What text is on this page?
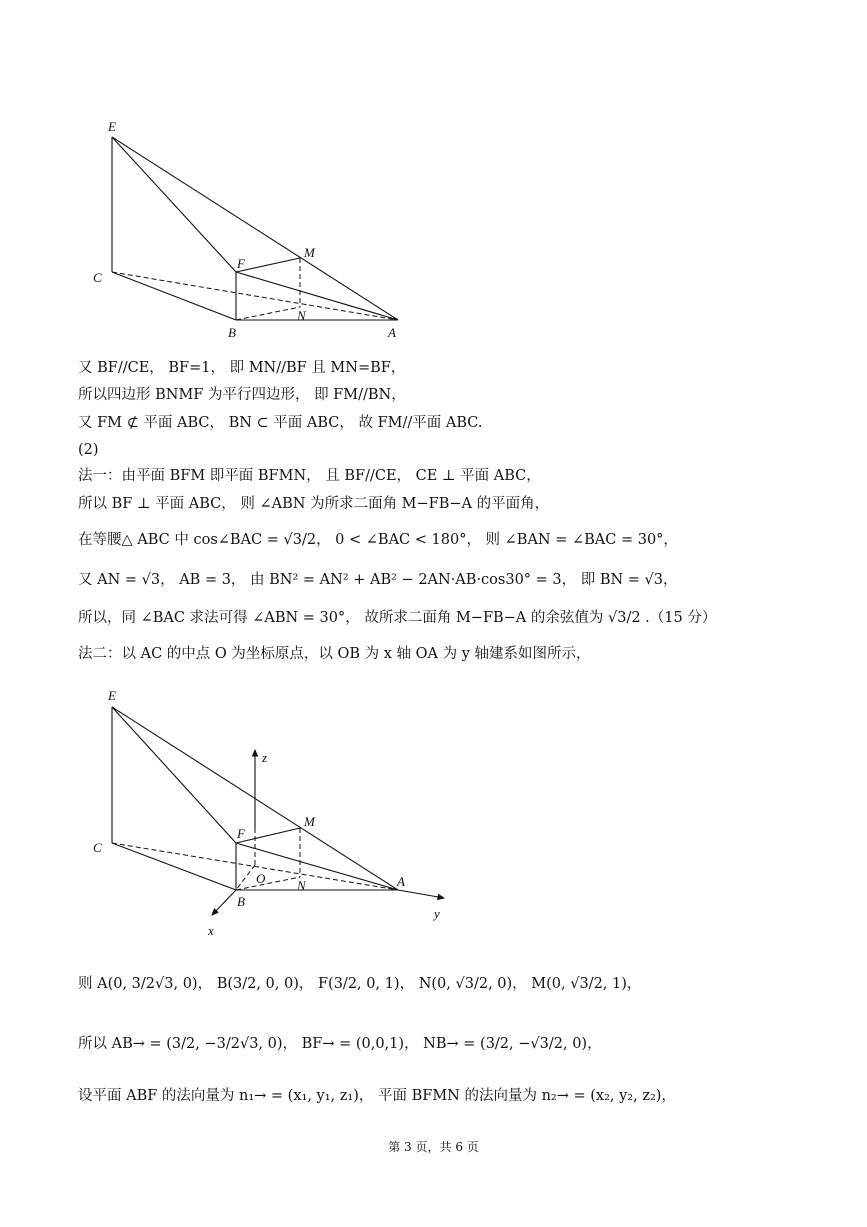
E
C
F
M
B
N
A
又 BF//CE， BF=1， 即 MN//BF 且 MN=BF，
所以四边形 BNMF 为平行四边形， 即 FM//BN，
又 FM ⊄ 平面 ABC， BN ⊂ 平面 ABC， 故 FM//平面 ABC.
(2)
法一：由平面 BFM 即平面 BFMN， 且 BF//CE， CE ⊥ 平面 ABC，
所以 BF ⊥ 平面 ABC， 则 ∠ABN 为所求二面角 M−FB−A 的平面角，
在等腰△ ABC 中 cos∠BAC = √3/2， 0 < ∠BAC < 180°， 则 ∠BAN = ∠BAC = 30°，
又 AN = √3， AB = 3， 由 BN² = AN² + AB² − 2AN·AB·cos30° = 3， 即 BN = √3，
所以，同 ∠BAC 求法可得 ∠ABN = 30°， 故所求二面角 M−FB−A 的余弦值为 √3/2 .（15 分）
法二：以 AC 的中点 O 为坐标原点，以 OB 为 x 轴 OA 为 y 轴建系如图所示，
E
C
F
M
O N	A
B
x
y
z
则 A(0, 3/2√3, 0)， B(3/2, 0, 0)， F(3/2, 0, 1)， N(0, √3/2, 0)， M(0, √3/2, 1)，
所以 AB→ = (3/2, −3/2√3, 0)， BF→ = (0,0,1)， NB→ = (3/2, −√3/2, 0)，
设平面 ABF 的法向量为 n₁→ = (x₁, y₁, z₁)， 平面 BFMN 的法向量为 n₂→ = (x₂, y₂, z₂)，
第 3 页，共 6 页
